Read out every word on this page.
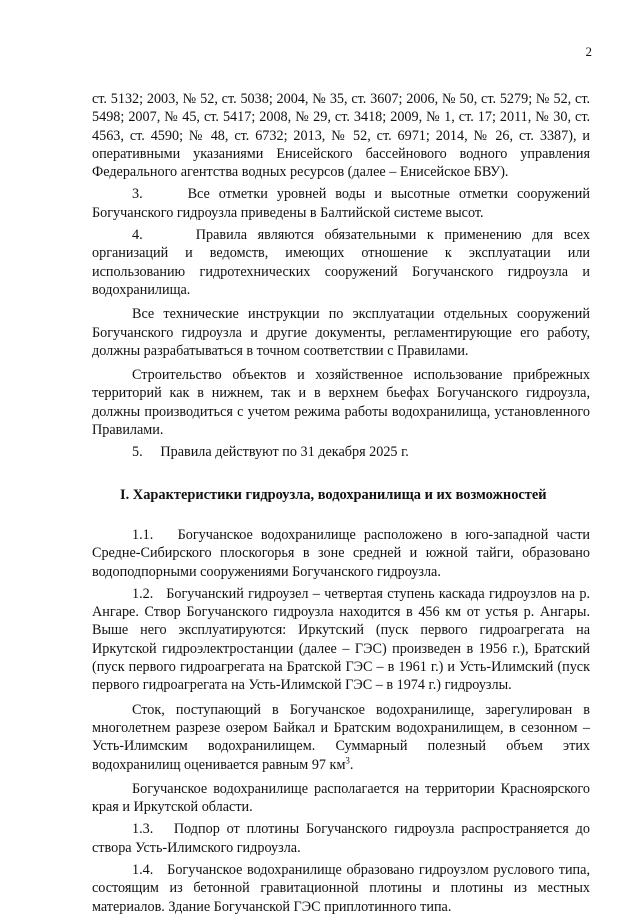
2

ст. 5132; 2003, № 52, ст. 5038; 2004, № 35, ст. 3607; 2006, № 50, ст. 5279; № 52, ст. 5498; 2007, № 45, ст. 5417; 2008, № 29, ст. 3418; 2009, № 1, ст. 17; 2011, № 30, ст. 4563, ст. 4590; № 48, ст. 6732; 2013, № 52, ст. 6971; 2014, № 26, ст. 3387), и оперативными указаниями Енисейского бассейнового водного управления Федерального агентства водных ресурсов (далее – Енисейское БВУ).

3.     Все отметки уровней воды и высотные отметки сооружений Богучанского гидроузла приведены в Балтийской системе высот.

4.     Правила являются обязательными к применению для всех организаций и ведомств, имеющих отношение к эксплуатации или использованию гидротехнических сооружений Богучанского гидроузла и водохранилища.

Все технические инструкции по эксплуатации отдельных сооружений Богучанского гидроузла и другие документы, регламентирующие его работу, должны разрабатываться в точном соответствии с Правилами.

Строительство объектов и хозяйственное использование прибрежных территорий как в нижнем, так и в верхнем бьефах Богучанского гидроузла, должны производиться с учетом режима работы водохранилища, установленного Правилами.

5.     Правила действуют по 31 декабря 2025 г.

I. Характеристики гидроузла, водохранилища и их возможностей

1.1.   Богучанское водохранилище расположено в юго-западной части Средне-Сибирского плоскогорья в зоне средней и южной тайги, образовано водоподпорными сооружениями Богучанского гидроузла.

1.2.   Богучанский гидроузел – четвертая ступень каскада гидроузлов на р. Ангаре. Створ Богучанского гидроузла находится в 456 км от устья р. Ангары. Выше него эксплуатируются: Иркутский (пуск первого гидроагрегата на Иркутской гидроэлектростанции (далее – ГЭС) произведен в 1956 г.), Братский (пуск первого гидроагрегата на Братской ГЭС – в 1961 г.) и Усть-Илимский (пуск первого гидроагрегата на Усть-Илимской ГЭС – в 1974 г.) гидроузлы.

Сток, поступающий в Богучанское водохранилище, зарегулирован в многолетнем разрезе озером Байкал и Братским водохранилищем, в сезонном – Усть-Илимским водохранилищем. Суммарный полезный объем этих водохранилищ оценивается равным 97 $км^3$.

Богучанское водохранилище располагается на территории Красноярского края и Иркутской области.

1.3.   Подпор от плотины Богучанского гидроузла распространяется до створа Усть-Илимского гидроузла.

1.4.   Богучанское водохранилище образовано гидроузлом руслового типа, состоящим из бетонной гравитационной плотины и плотины из местных материалов. Здание Богучанской ГЭС приплотинного типа.
